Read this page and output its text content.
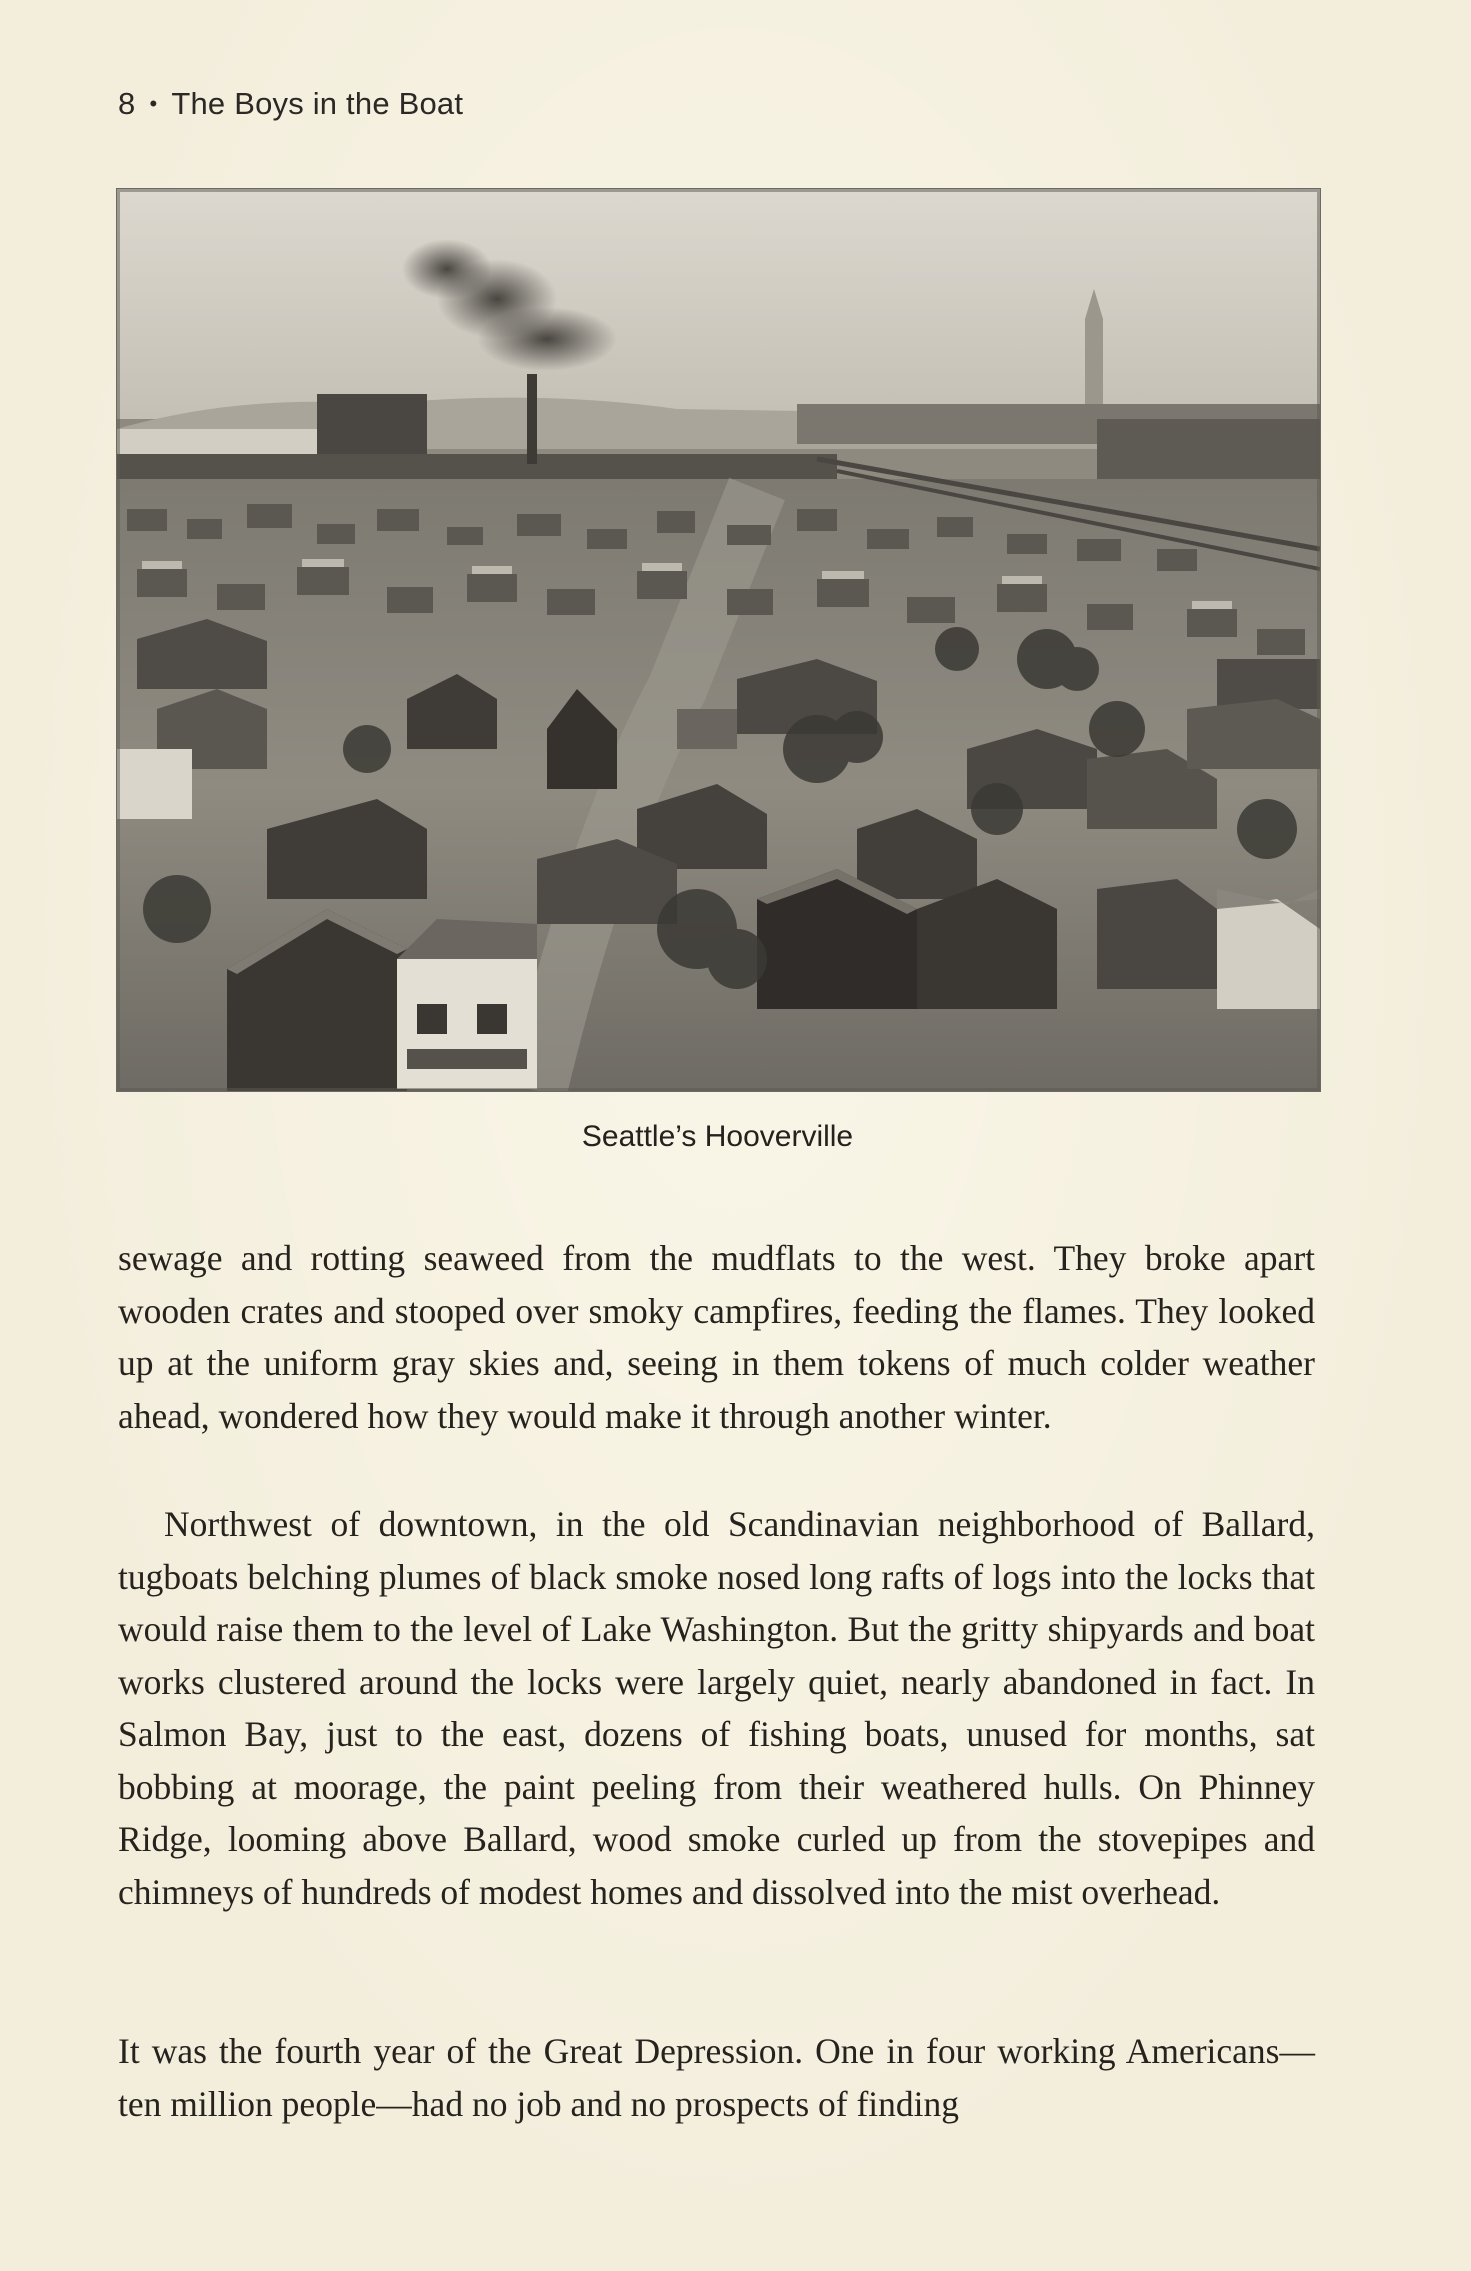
8 • The Boys in the Boat
Seattle’s Hooverville

sewage and rotting seaweed from the mudflats to the west. They broke apart wooden crates and stooped over smoky campfires, feeding the flames. They looked up at the uniform gray skies and, seeing in them tokens of much colder weather ahead, wondered how they would make it through another winter.

Northwest of downtown, in the old Scandinavian neighborhood of Ballard, tugboats belching plumes of black smoke nosed long rafts of logs into the locks that would raise them to the level of Lake Washington. But the gritty shipyards and boat works clustered around the locks were largely quiet, nearly abandoned in fact. In Salmon Bay, just to the east, dozens of fishing boats, unused for months, sat bobbing at moorage, the paint peeling from their weathered hulls. On Phinney Ridge, looming above Ballard, wood smoke curled up from the stovepipes and chimneys of hundreds of modest homes and dissolved into the mist overhead.

It was the fourth year of the Great Depression. One in four working Americans—ten million people—had no job and no prospects of finding
